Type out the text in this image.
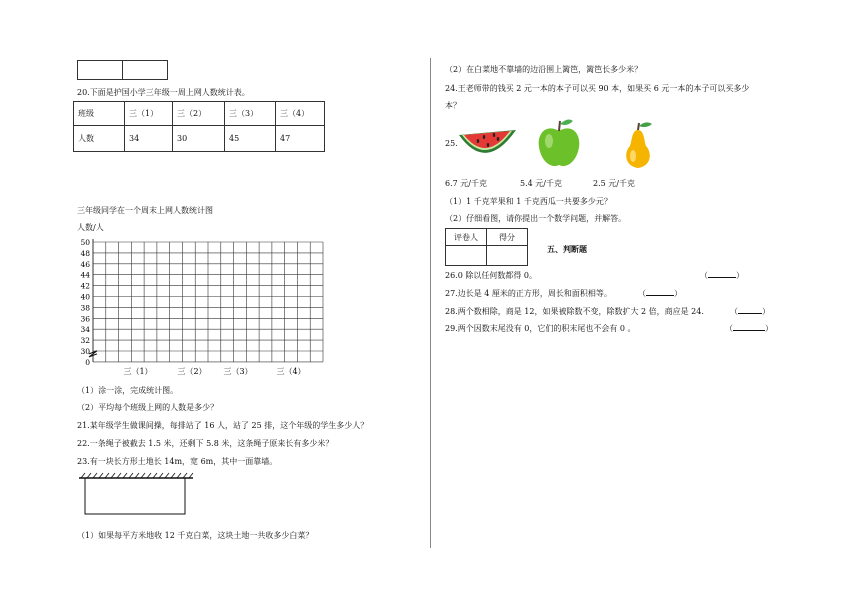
20.下面是护国小学三年级一周上网人数统计表。
班级	三（1）	三（2）	三（3）	三（4）
人数	34	30	45	47
三年级同学在一个周末上网人数统计图
人数/人
50
48
46
44
42
40
38
36
34
32
30
0
三（1）	三（2） 三（3）	三（4）
（1）涂一涂，完成统计图。
（2）平均每个班级上网的人数是多少？
21.某年级学生做课间操，每排站了 16 人，站了 25 排，这个年级的学生多少人？
22.一条绳子被截去 1.5 米，还剩下 5.8 米，这条绳子原来长有多少米？
23.有一块长方形土地长 14m，宽 6m，其中一面靠墙。
（1）如果每平方米地收 12 千克白菜，这块土地一共收多少白菜？
（2）在白菜地不靠墙的边沿围上篱笆，篱笆长多少米？
24.王老师带的钱买 2 元一本的本子可以买 90 本，如果买 6 元一本的本子可以买多少
本？
25.
6.7 元/千克	5.4 元/千克	2.5 元/千克
（1）1 千克苹果和 1 千克西瓜一共要多少元？
（2）仔细看图，请你提出一个数学问题，并解答。
评卷人	得分

五、判断题
26.0 除以任何数都得 0。	（	）
27.边长是 4 厘米的正方形，周长和面积相等。	（	）
28.两个数相除，商是 12，如果被除数不变，除数扩大 2 倍，商应是 24.	（	）
29.两个因数末尾没有 0，它们的积末尾也不会有 0 。	（	）
